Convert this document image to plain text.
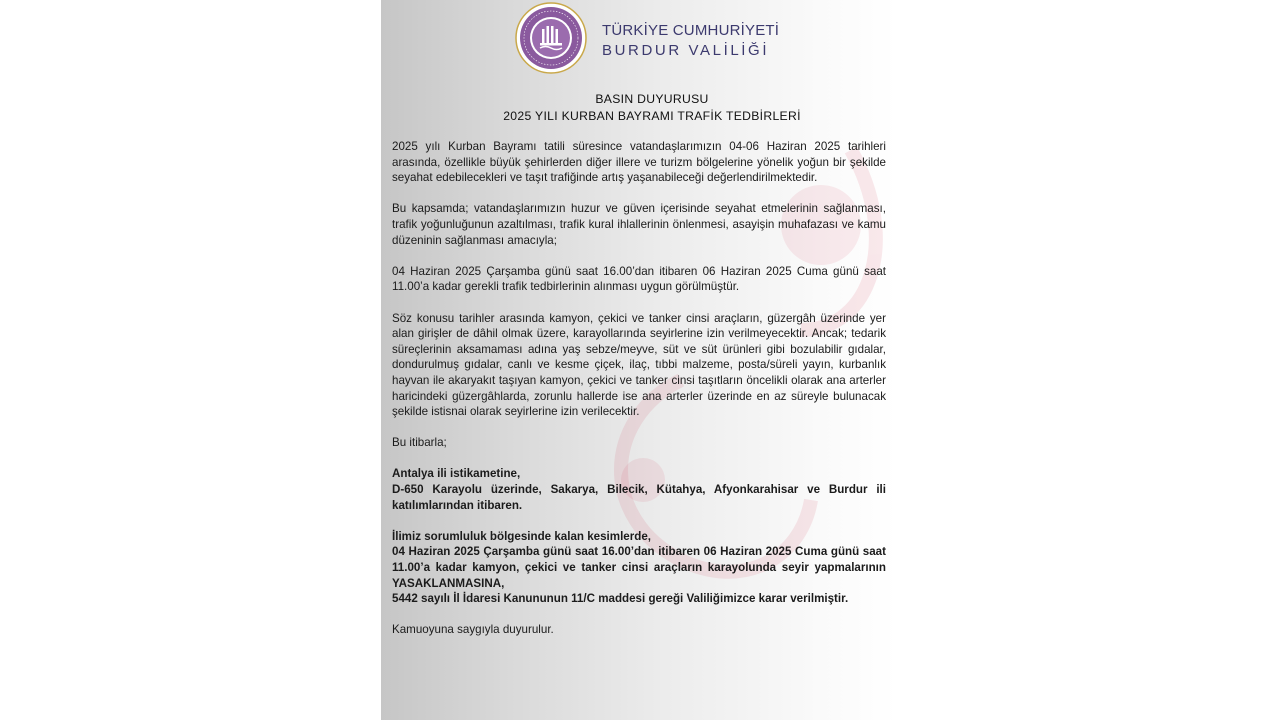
TÜRKİYE CUMHURİYETİ
BURDUR VALİLİĞİ
BASIN DUYURUSU
2025 YILI KURBAN BAYRAMI TRAFİK TEDBİRLERİ

2025 yılı Kurban Bayramı tatili süresince vatandaşlarımızın 04-06 Haziran 2025 tarihleri arasında, özellikle büyük şehirlerden diğer illere ve turizm bölgelerine yönelik yoğun bir şekilde seyahat edebilecekleri ve taşıt trafiğinde artış yaşanabileceği değerlendirilmektedir.

Bu kapsamda; vatandaşlarımızın huzur ve güven içerisinde seyahat etmelerinin sağlanması, trafik yoğunluğunun azaltılması, trafik kural ihlallerinin önlenmesi, asayişin muhafazası ve kamu düzeninin sağlanması amacıyla;

04 Haziran 2025 Çarşamba günü saat 16.00’dan itibaren 06 Haziran 2025 Cuma günü saat 11.00’a kadar gerekli trafik tedbirlerinin alınması uygun görülmüştür.

Söz konusu tarihler arasında kamyon, çekici ve tanker cinsi araçların, güzergâh üzerinde yer alan girişler de dâhil olmak üzere, karayollarında seyirlerine izin verilmeyecektir. Ancak; tedarik süreçlerinin aksamaması adına yaş sebze/meyve, süt ve süt ürünleri gibi bozulabilir gıdalar, dondurulmuş gıdalar, canlı ve kesme çiçek, ilaç, tıbbi malzeme, posta/süreli yayın, kurbanlık hayvan ile akaryakıt taşıyan kamyon, çekici ve tanker cinsi taşıtların öncelikli olarak ana arterler haricindeki güzergâhlarda, zorunlu hallerde ise ana arterler üzerinde en az süreyle bulunacak şekilde istisnai olarak seyirlerine izin verilecektir.

Bu itibarla;

Antalya ili istikametine,
D-650 Karayolu üzerinde, Sakarya, Bilecik, Kütahya, Afyonkarahisar ve Burdur ili katılımlarından itibaren.

İlimiz sorumluluk bölgesinde kalan kesimlerde,
04 Haziran 2025 Çarşamba günü saat 16.00’dan itibaren 06 Haziran 2025 Cuma günü saat 11.00’a kadar kamyon, çekici ve tanker cinsi araçların karayolunda seyir yapmalarının YASAKLANMASINA,
5442 sayılı İl İdaresi Kanununun 11/C maddesi gereği Valiliğimizce karar verilmiştir.

Kamuoyuna saygıyla duyurulur.
